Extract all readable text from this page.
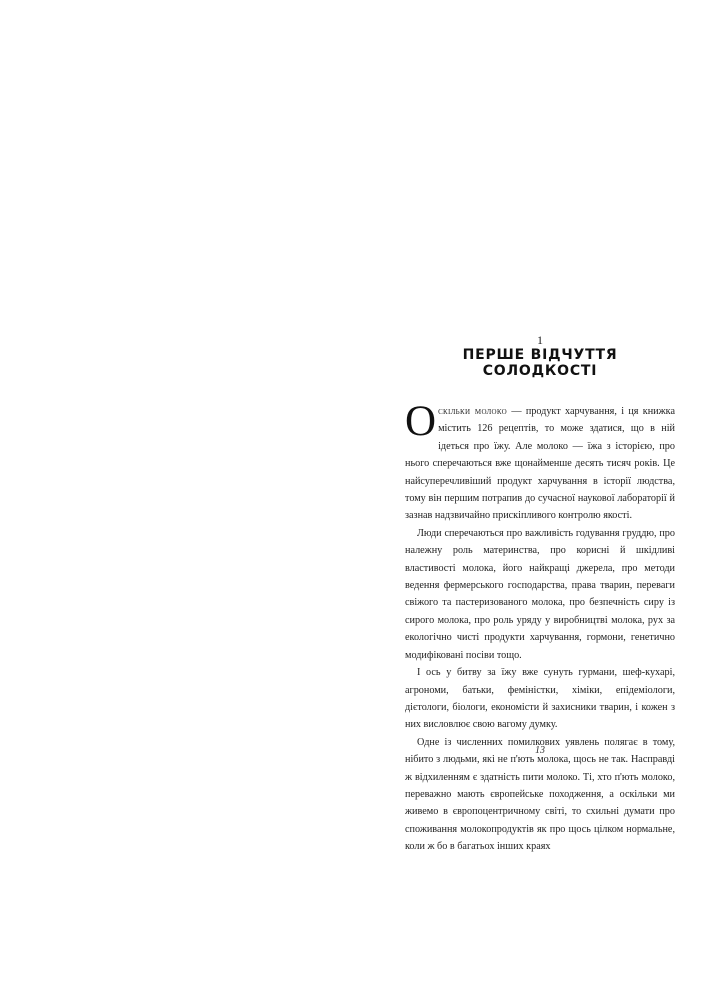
1
ПЕРШЕ ВІДЧУТТЯ СОЛОДКОСТІ

Оскільки молоко — продукт харчування, і ця книжка містить 126 рецептів, то може здатися, що в ній ідеться про їжу. Але молоко — їжа з історією, про нього сперечаються вже щонайменше десять тисяч років. Це найсуперечливіший продукт харчування в історії людства, тому він першим потрапив до сучасної наукової лабораторії й зазнав надзвичайно прискіпливого контролю якості.

Люди сперечаються про важливість годування груддю, про належну роль материнства, про корисні й шкідливі властивості молока, його найкращі джерела, про методи ведення фермерського господарства, права тварин, переваги свіжого та пастеризованого молока, про безпечність сиру із сирого молока, про роль уряду у виробництві молока, рух за екологічно чисті продукти харчування, гормони, генетично модифіковані посіви тощо.

І ось у битву за їжу вже сунуть гурмани, шеф-кухарі, агрономи, батьки, феміністки, хіміки, епідеміологи, дієтологи, біологи, економісти й захисники тварин, і кожен з них висловлює свою вагому думку.

Одне із численних помилкових уявлень полягає в тому, нібито з людьми, які не п'ють молока, щось не так. Насправді ж відхиленням є здатність пити молоко. Ті, хто п'ють молоко, переважно мають європейське походження, а оскільки ми живемо в європоцентричному світі, то схильні думати про споживання молокопродуктів як про щось цілком нормальне, коли ж бо в багатьох інших краях

13
